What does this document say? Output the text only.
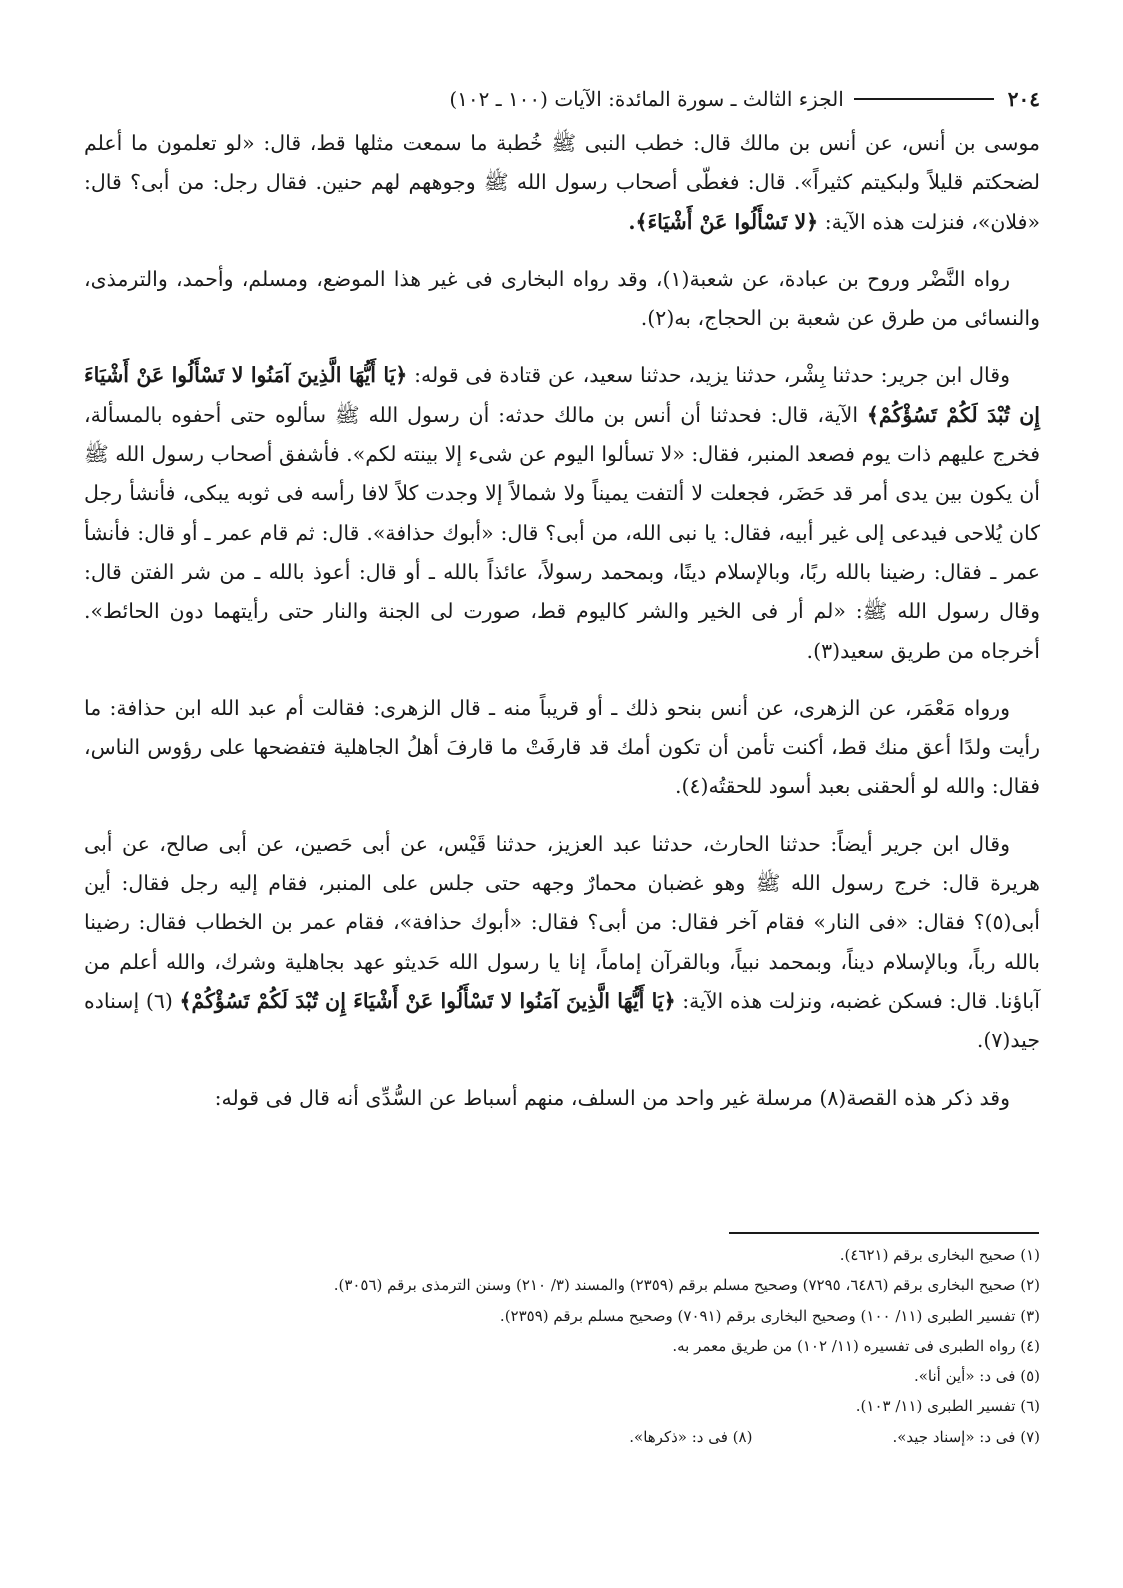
٢٠٤
الجزء الثالث ـ سورة المائدة: الآيات (١٠٠ ـ ١٠٢)

موسى بن أنس، عن أنس بن مالك قال: خطب النبى ﷺ خُطبة ما سمعت مثلها قط، قال: «لو تعلمون ما أعلم لضحكتم قليلاً ولبكيتم كثيراً». قال: فغطّى أصحاب رسول الله ﷺ وجوههم لهم حنين. فقال رجل: من أبى؟ قال: «فلان»، فنزلت هذه الآية: ﴿لا تَسْأَلُوا عَنْ أَشْيَاءَ﴾.

رواه النَّضْر وروح بن عبادة، عن شعبة(١)، وقد رواه البخارى فى غير هذا الموضع، ومسلم، وأحمد، والترمذى، والنسائى من طرق عن شعبة بن الحجاج، به(٢).

وقال ابن جرير: حدثنا بِشْر، حدثنا يزيد، حدثنا سعيد، عن قتادة فى قوله: ﴿يَا أَيُّهَا الَّذِينَ آمَنُوا لا تَسْأَلُوا عَنْ أَشْيَاءَ إِن تُبْدَ لَكُمْ تَسُؤْكُمْ﴾ الآية، قال: فحدثنا أن أنس بن مالك حدثه: أن رسول الله ﷺ سألوه حتى أحفوه بالمسألة، فخرج عليهم ذات يوم فصعد المنبر، فقال: «لا تسألوا اليوم عن شىء إلا بينته لكم». فأشفق أصحاب رسول الله ﷺ أن يكون بين يدى أمر قد حَضَر، فجعلت لا ألتفت يميناً ولا شمالاً إلا وجدت كلاً لافا رأسه فى ثوبه يبكى، فأنشأ رجل كان يُلاحى فيدعى إلى غير أبيه، فقال: يا نبى الله، من أبى؟ قال: «أبوك حذافة». قال: ثم قام عمر ـ أو قال: فأنشأ عمر ـ فقال: رضينا بالله ربًا، وبالإسلام دينًا، وبمحمد رسولاً، عائذاً بالله ـ أو قال: أعوذ بالله ـ من شر الفتن قال: وقال رسول الله ﷺ: «لم أر فى الخير والشر كاليوم قط، صورت لى الجنة والنار حتى رأيتهما دون الحائط». أخرجاه من طريق سعيد(٣).

ورواه مَعْمَر، عن الزهرى، عن أنس بنحو ذلك ـ أو قريباً منه ـ قال الزهرى: فقالت أم عبد الله ابن حذافة: ما رأيت ولدًا أعق منك قط، أكنت تأمن أن تكون أمك قد قارفَتْ ما قارفَ أهلُ الجاهلية فتفضحها على رؤوس الناس، فقال: والله لو ألحقنى بعبد أسود للحقتُه(٤).

وقال ابن جرير أيضاً: حدثنا الحارث، حدثنا عبد العزيز، حدثنا قَيْس، عن أبى حَصين، عن أبى صالح، عن أبى هريرة قال: خرج رسول الله ﷺ وهو غضبان محمارٌ وجهه حتى جلس على المنبر، فقام إليه رجل فقال: أين أبى(٥)؟ فقال: «فى النار» فقام آخر فقال: من أبى؟ فقال: «أبوك حذافة»، فقام عمر بن الخطاب فقال: رضينا بالله رباً، وبالإسلام ديناً، وبمحمد نبياً، وبالقرآن إماماً، إنا يا رسول الله حَديثو عهد بجاهلية وشرك، والله أعلم من آباؤنا. قال: فسكن غضبه، ونزلت هذه الآية: ﴿يَا أَيُّهَا الَّذِينَ آمَنُوا لا تَسْأَلُوا عَنْ أَشْيَاءَ إِن تُبْدَ لَكُمْ تَسُؤْكُمْ﴾ (٦) إسناده جيد(٧).

وقد ذكر هذه القصة(٨) مرسلة غير واحد من السلف، منهم أسباط عن السُّدِّى أنه قال فى قوله:

(١) صحيح البخارى برقم (٤٦٢١).
(٢) صحيح البخارى برقم (٦٤٨٦، ٧٢٩٥) وصحيح مسلم برقم (٢٣٥٩) والمسند (٣/ ٢١٠) وسنن الترمذى برقم (٣٠٥٦).
(٣) تفسير الطبرى (١١/ ١٠٠) وصحيح البخارى برقم (٧٠٩١) وصحيح مسلم برقم (٢٣٥٩).
(٤) رواه الطبرى فى تفسيره (١١/ ١٠٢) من طريق معمر به.
(٥) فى د: «أين أنا».
(٦) تفسير الطبرى (١١/ ١٠٣).
(٧) فى د: «إسناد جيد».
(٨) فى د: «ذكرها».
